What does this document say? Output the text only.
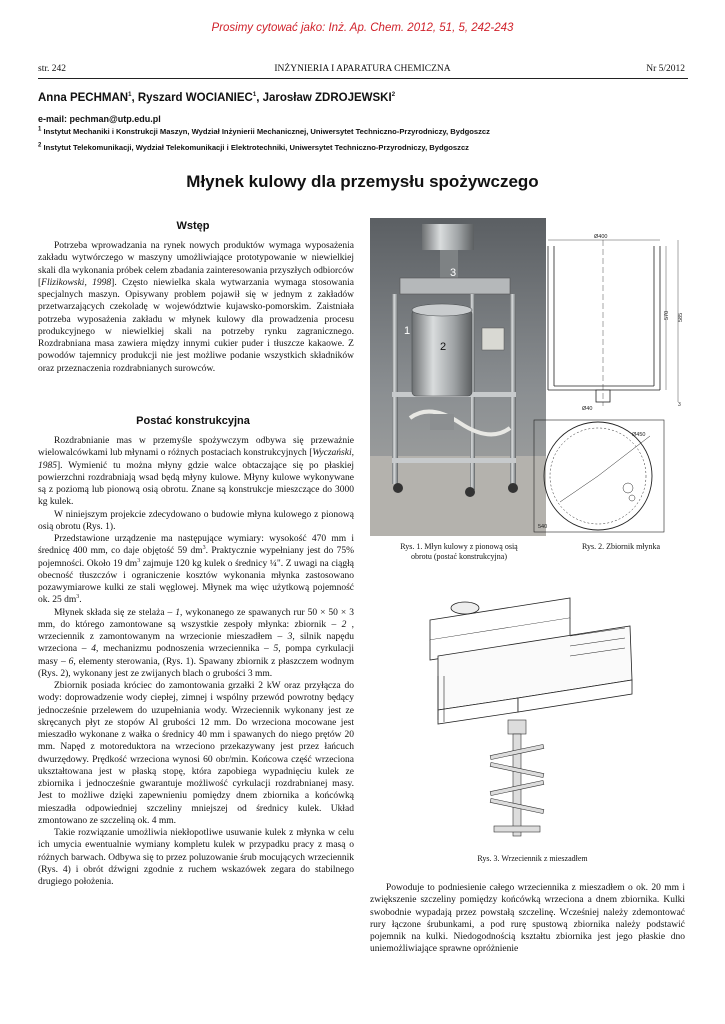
Prosimy cytować jako: Inż. Ap. Chem. 2012, 51, 5, 242-243
str. 242	INŻYNIERIA I APARATURA CHEMICZNA	Nr 5/2012
Anna PECHMAN$^1$, Ryszard WOCIANIEC$^1$, Jarosław ZDROJEWSKI$^2$
e-mail: pechman@utp.edu.pl
$^1$ Instytut Mechaniki i Konstrukcji Maszyn, Wydział Inżynierii Mechanicznej, Uniwersytet Techniczno-Przyrodniczy, Bydgoszcz
$^2$ Instytut Telekomunikacji, Wydział Telekomunikacji i Elektrotechniki, Uniwersytet Techniczno-Przyrodniczy, Bydgoszcz
Młynek kulowy dla przemysłu spożywczego
Wstęp

Potrzeba wprowadzania na rynek nowych produktów wymaga wyposażenia zakładu wytwórczego w maszyny umożliwiające prototypowanie w niewielkiej skali dla wykonania próbek celem zbadania zainteresowania przyszłych odbiorców [Flizikowski, 1998]. Często niewielka skala wytwarzania wymaga stosowania specjalnych maszyn. Opisywany problem pojawił się w jednym z zakładów przetwarzających czekoladę w województwie kujawsko-pomorskim. Zaistniała potrzeba wyposażenia zakładu w młynek kulowy dla prowadzenia procesu produkcyjnego w niewielkiej skali na potrzeby rynku zagranicznego. Rozdrabniana masa zawiera między innymi cukier puder i tłuszcze kakaowe. Z powodów tajemnicy produkcji nie jest możliwe podanie wszystkich składników oraz przeznaczenia rozdrabnianych surowców.

Postać konstrukcyjna

Rozdrabnianie mas w przemyśle spożywczym odbywa się przeważnie wielowalcówkami lub młynami o różnych postaciach konstrukcyjnych [Wyczański, 1985]. Wymienić tu można młyny gdzie walce obtaczające się po płaskiej powierzchni rozdrabniają wsad będą młyny kulowe. Młyny kulowe wykonywane są z poziomą lub pionową osią obrotu. Znane są konstrukcje mieszczące do 3000 kg kulek.

W niniejszym projekcie zdecydowano o budowie młyna kulowego z pionową osią obrotu (Rys. 1).

Przedstawione urządzenie ma następujące wymiary: wysokość 470 mm i średnicę 400 mm, co daje objętość 59 $dm^3$. Praktycznie wypełniany jest do 75% pojemności. Około 19 $dm^3$ zajmuje 120 kg kulek o średnicy ¼". Z uwagi na ciągłą obecność tłuszczów i ograniczenie kosztów wykonania młynka zastosowano pozawymiarowe kulki ze stali węglowej. Młynek ma więc użytkową pojemność ok. 25 $dm^3$.

Młynek składa się ze stelaża – 1, wykonanego ze spawanych rur 50 × 50 × 3 mm, do którego zamontowane są wszystkie zespoły młynka: zbiornik – 2 , wrzeciennik z zamontowanym na wrzecionie mieszadłem – 3, silnik napędu wrzeciona – 4, mechanizmu podnoszenia wrzeciennika – 5, pompa cyrkulacji masy – 6, elementy sterowania, (Rys. 1). Spawany zbiornik z płaszczem wodnym (Rys. 2), wykonany jest ze zwijanych blach o grubości 3 mm.

Zbiornik posiada króciec do zamontowania grzałki 2 kW oraz przyłącza do wody: doprowadzenie wody ciepłej, zimnej i wspólny przewód powrotny będący jednocześnie przelewem do uzupełniania wody. Wrzeciennik wykonany jest ze skręcanych płyt ze stopów Al grubości 12 mm. Do wrzeciona mocowane jest mieszadło wykonane z wałka o średnicy 40 mm i spawanych do niego prętów 20 mm. Napęd z motoreduktora na wrzeciono przekazywany jest przez łańcuch dwurzędowy. Prędkość wrzeciona wynosi 60 obr/min. Końcowa część wrzeciona ukształtowana jest w płaską stopę, która zapobiega wypadnięciu kulek ze zbiornika i jednocześnie gwarantuje możliwość cyrkulacji rozdrabnianej masy. Jest to możliwe dzięki zapewnieniu pomiędzy dnem zbiornika a końcówką mieszadła odpowiedniej szczeliny mniejszej od średnicy kulek. Układ zmontowano ze szczeliną ok. 4 mm.

Takie rozwiązanie umożliwia niekłopotliwe usuwanie kulek z młynka w celu ich umycia ewentualnie wymiany kompletu kulek w przypadku pracy z masą o różnych barwach. Odbywa się to przez poluzowanie śrub mocujących wrzeciennik (Rys. 4) i obrót dźwigni zgodnie z ruchem wskazówek zegara do stabilnego drugiego położenia.

3
2
1
Rys. 1. Młyn kulowy z pionową osią
obrotu (postać konstrukcyjna)
Ø400
570 585
3
Ø40
Ø450
540
Rys. 2. Zbiornik młynka
Rys. 3. Wrzeciennik z mieszadłem

Powoduje to podniesienie całego wrzeciennika z mieszadłem o ok. 20 mm i zwiększenie szczeliny pomiędzy końcówką wrzeciona a dnem zbiornika. Kulki swobodnie wypadają przez powstałą szczelinę. Wcześniej należy zdemontować rury łączone śrubunkami, a pod rurę spustową zbiornika należy podstawić pojemnik na kulki. Niedogodnością kształtu zbiornika jest jego płaskie dno uniemożliwiające sprawne opróżnienie
